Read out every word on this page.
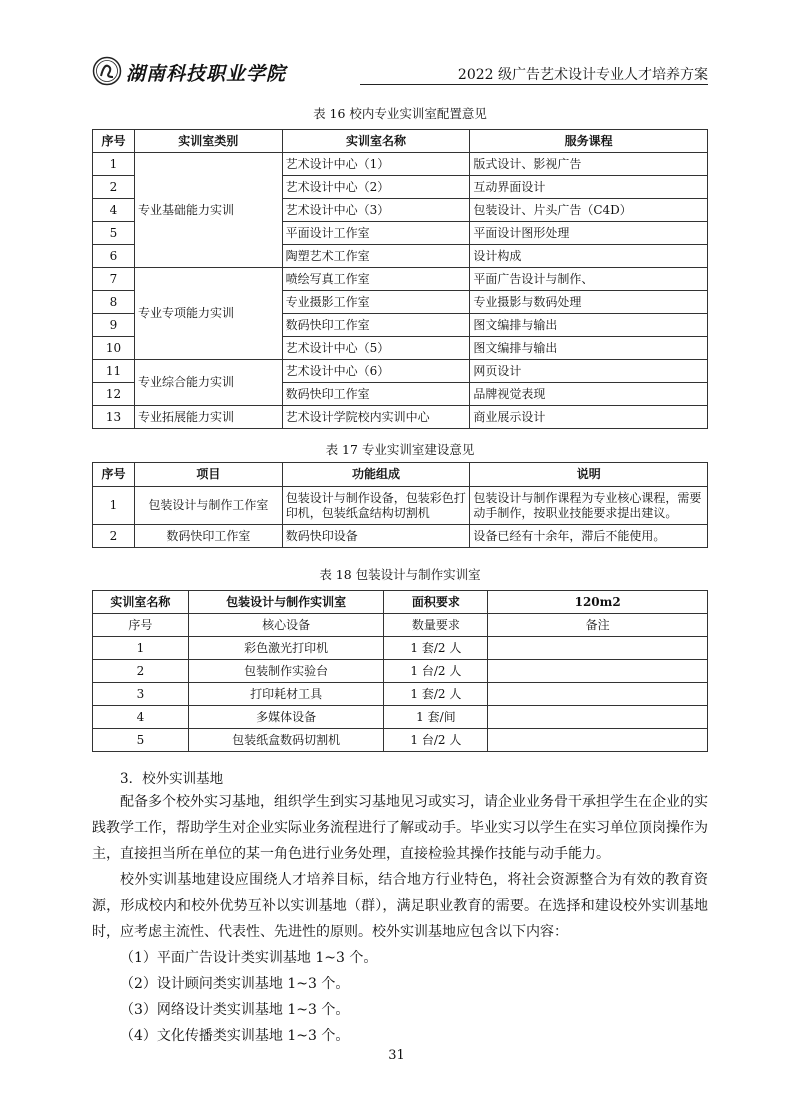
湖南科技职业学院	2022 级广告艺术设计专业人才培养方案
表 16 校内专业实训室配置意见
序号	实训室类别	实训室名称	服务课程
1	专业基础能力实训	艺术设计中心（1）	版式设计、影视广告
2		艺术设计中心（2）	互动界面设计
4		艺术设计中心（3）	包装设计、片头广告（C4D）
5		平面设计工作室	平面设计图形处理
6		陶塑艺术工作室	设计构成
7	专业专项能力实训	喷绘写真工作室	平面广告设计与制作、
8		专业摄影工作室	专业摄影与数码处理
9		数码快印工作室	图文编排与输出
10		艺术设计中心（5）	图文编排与输出
11	专业综合能力实训	艺术设计中心（6）	网页设计
12		数码快印工作室	品牌视觉表现
13	专业拓展能力实训	艺术设计学院校内实训中心	商业展示设计
表 17 专业实训室建设意见
序号	项目	功能组成	说明
1	包装设计与制作工作室	包装设计与制作设备，包装彩色打印机，包装纸盒结构切割机	包装设计与制作课程为专业核心课程，需要动手制作，按职业技能要求提出建议。
2	数码快印工作室	数码快印设备	设备已经有十余年，滞后不能使用。
表 18 包装设计与制作实训室
实训室名称	包装设计与制作实训室	面积要求	120m2
序号	核心设备	数量要求	备注
1	彩色激光打印机	1 套/2 人	
2	包装制作实验台	1 台/2 人	
3	打印耗材工具	1 套/2 人	
4	多媒体设备	1 套/间	
5	包装纸盒数码切割机	1 台/2 人	
3．校外实训基地

配备多个校外实习基地，组织学生到实习基地见习或实习，请企业业务骨干承担学生在企业的实践教学工作，帮助学生对企业实际业务流程进行了解或动手。毕业实习以学生在实习单位顶岗操作为主，直接担当所在单位的某一角色进行业务处理，直接检验其操作技能与动手能力。

校外实训基地建设应围绕人才培养目标，结合地方行业特色，将社会资源整合为有效的教育资源，形成校内和校外优势互补以实训基地（群），满足职业教育的需要。在选择和建设校外实训基地时，应考虑主流性、代表性、先进性的原则。校外实训基地应包含以下内容：

（1）平面广告设计类实训基地 1~3 个。
（2）设计顾问类实训基地 1~3 个。
（3）网络设计类实训基地 1~3 个。
（4）文化传播类实训基地 1~3 个。
31
